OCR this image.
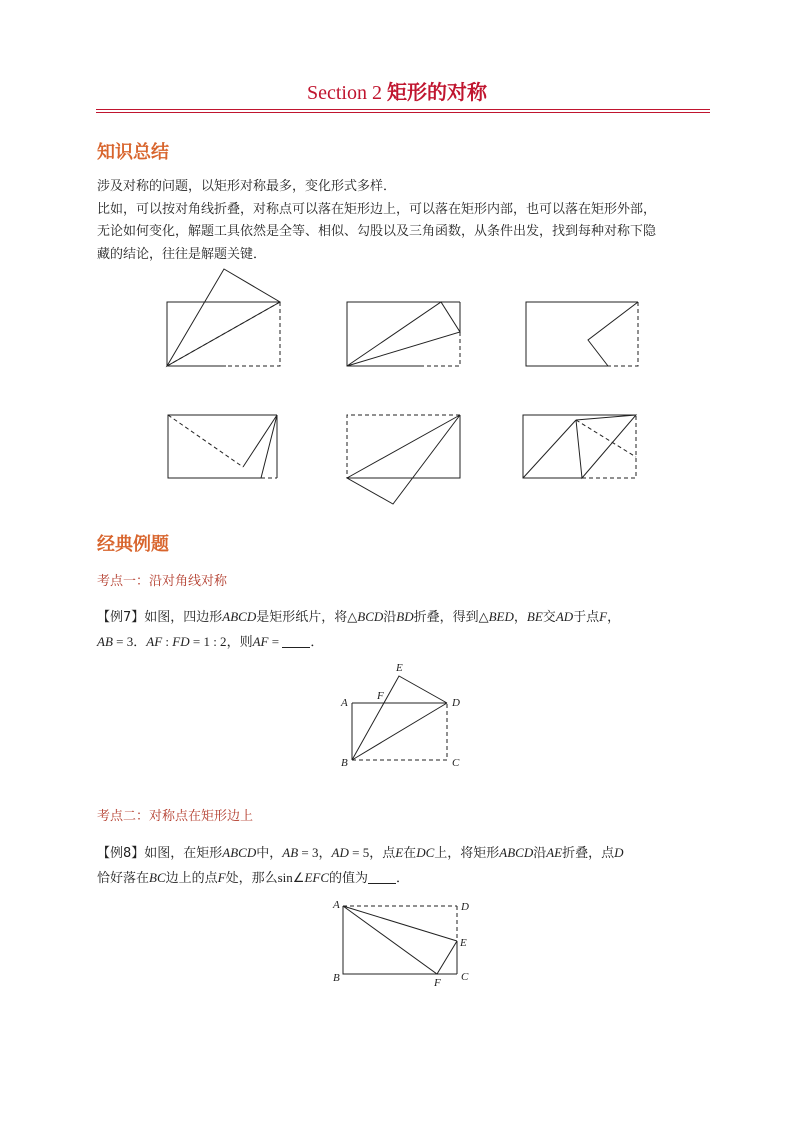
Section 2 矩形的对称
知识总结
涉及对称的问题，以矩形对称最多，变化形式多样．
比如，可以按对角线折叠，对称点可以落在矩形边上，可以落在矩形内部，也可以落在矩形外部，
无论如何变化，解题工具依然是全等、相似、勾股以及三角函数，从条件出发，找到每种对称下隐
藏的结论，往往是解题关键．
经典例题
考点一：沿对角线对称
【例7】如图，四边形ABCD是矩形纸片，将△BCD沿BD折叠，得到△BED，BE交AD于点F，
AB = 3．AF : FD = 1 : 2，则AF = ．
A
B	C
D
E
F
考点二：对称点在矩形边上
【例8】如图，在矩形ABCD中，AB = 3，AD = 5，点E在DC上，将矩形ABCD沿AE折叠，点D
恰好落在BC边上的点F处，那么sin∠EFC的值为 ．
A
B	C
D
E
F
